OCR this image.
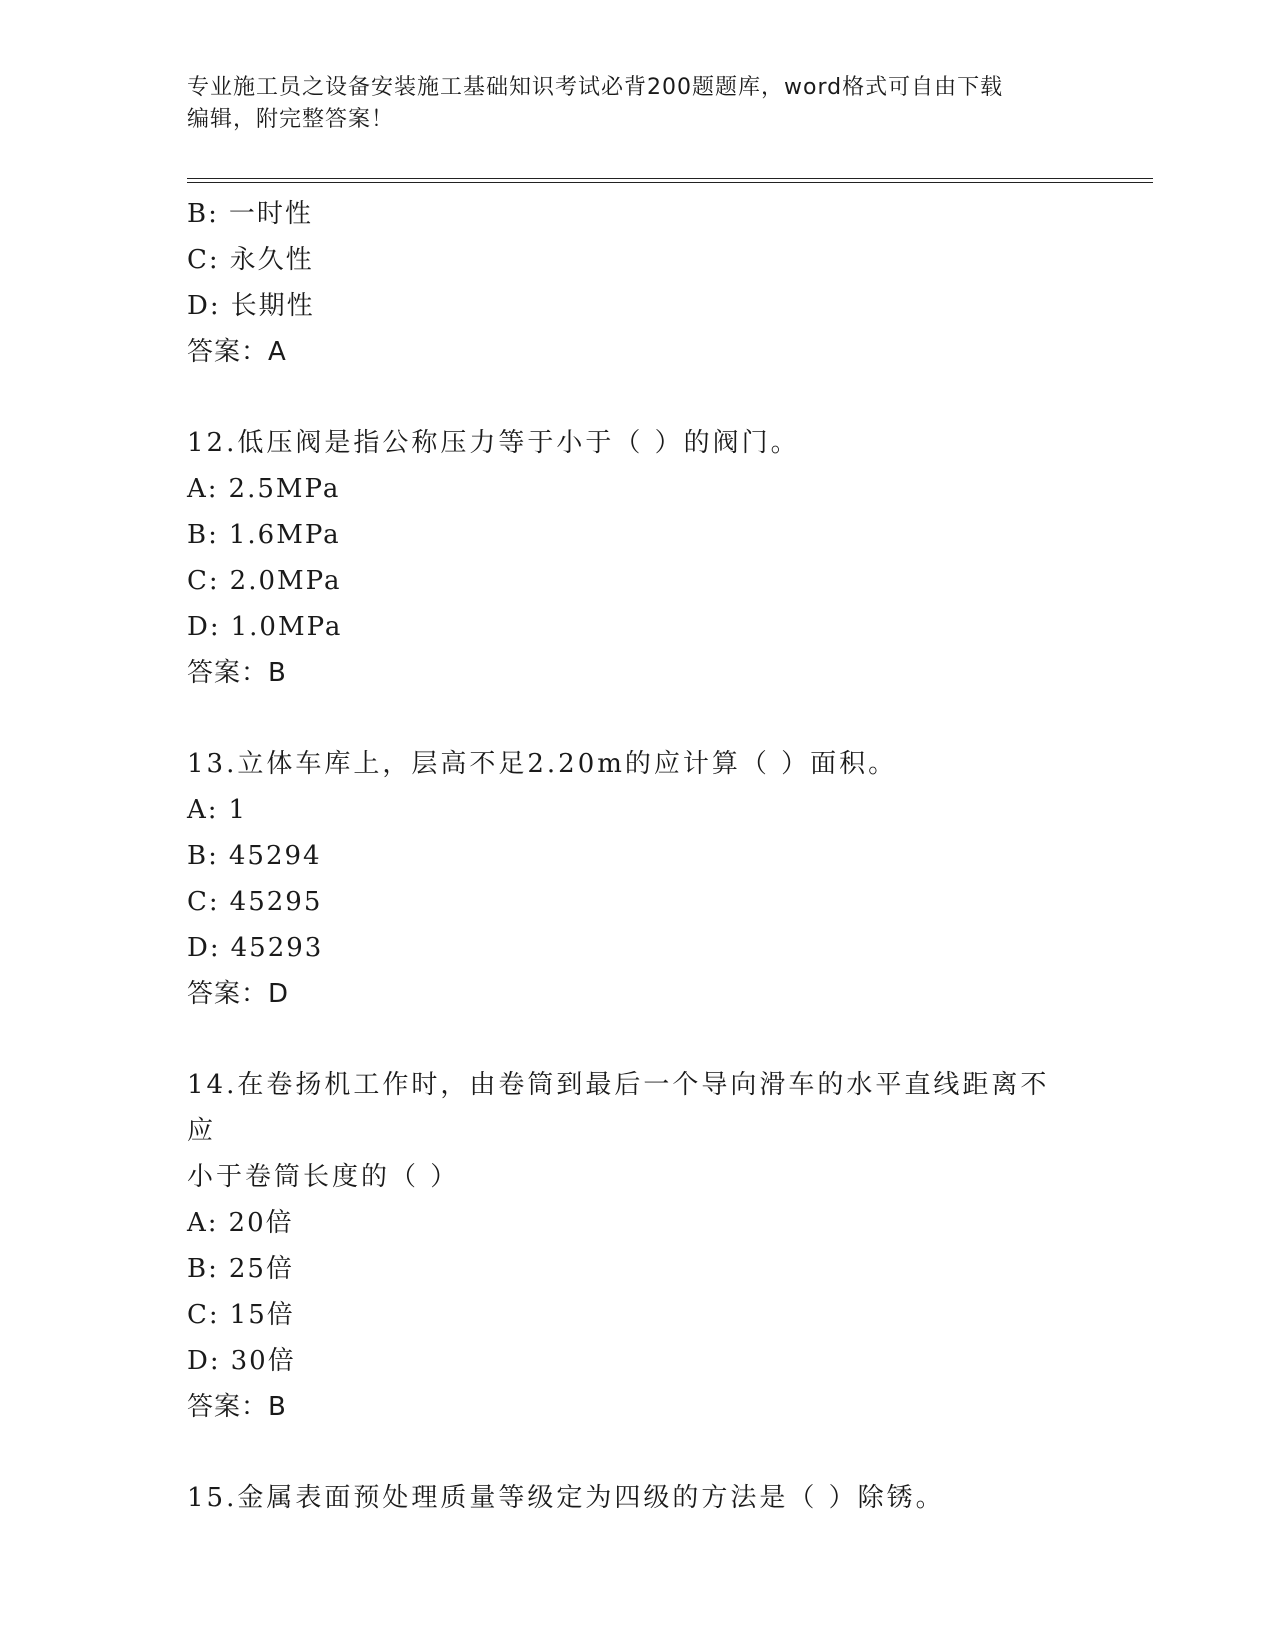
专业施工员之设备安装施工基础知识考试必背200题题库，word格式可自由下载
编辑，附完整答案！
B: 一时性
C: 永久性
D: 长期性
答案：A
12.低压阀是指公称压力等于小于（ ）的阀门。
A: 2.5MPa
B: 1.6MPa
C: 2.0MPa
D: 1.0MPa
答案：B
13.立体车库上，层高不足2.20m的应计算（ ）面积。
A: 1
B: 45294
C: 45295
D: 45293
答案：D
14.在卷扬机工作时，由卷筒到最后一个导向滑车的水平直线距离不应
小于卷筒长度的（ ）
A: 20倍
B: 25倍
C: 15倍
D: 30倍
答案：B
15.金属表面预处理质量等级定为四级的方法是（ ）除锈。
